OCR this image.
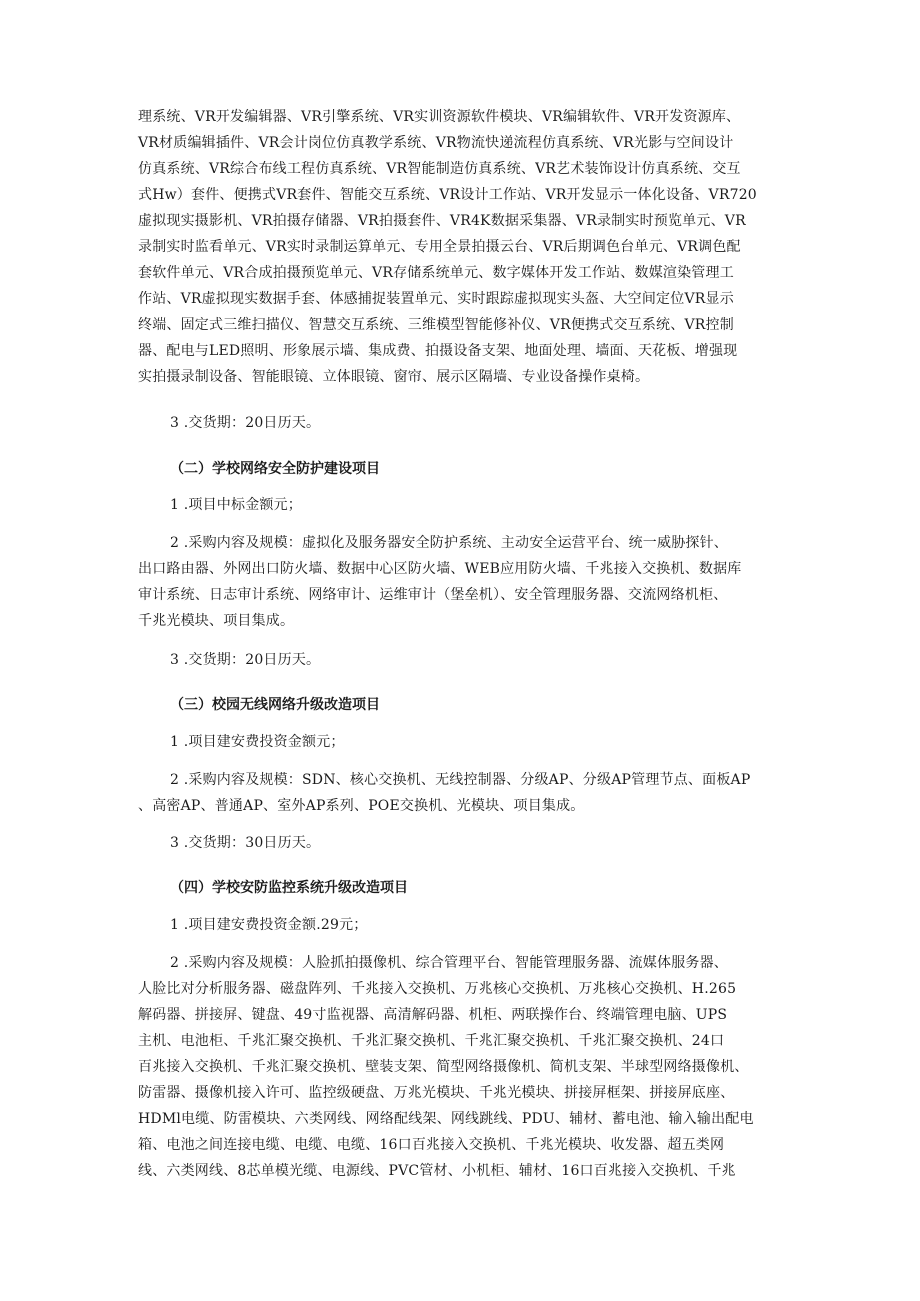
理系统、VR开发编辑器、VR引擎系统、VR实训资源软件模块、VR编辑软件、VR开发资源库、
VR材质编辑插件、VR会计岗位仿真教学系统、VR物流快递流程仿真系统、VR光影与空间设计
仿真系统、VR综合布线工程仿真系统、VR智能制造仿真系统、VR艺术装饰设计仿真系统、交互
式Hw）套件、便携式VR套件、智能交互系统、VR设计工作站、VR开发显示一体化设备、VR720
虚拟现实摄影机、VR拍摄存储器、VR拍摄套件、VR4K数据采集器、VR录制实时预览单元、VR
录制实时监看单元、VR实时录制运算单元、专用全景拍摄云台、VR后期调色台单元、VR调色配
套软件单元、VR合成拍摄预览单元、VR存储系统单元、数字媒体开发工作站、数媒渲染管理工
作站、VR虚拟现实数据手套、体感捕捉装置单元、实时跟踪虚拟现实头盔、大空间定位VR显示
终端、固定式三维扫描仪、智慧交互系统、三维模型智能修补仪、VR便携式交互系统、VR控制
器、配电与LED照明、形象展示墙、集成费、拍摄设备支架、地面处理、墙面、天花板、增强现
实拍摄录制设备、智能眼镜、立体眼镜、窗帘、展示区隔墙、专业设备操作桌椅。
3 .交货期：20日历天。
（二）学校网络安全防护建设项目
1 .项目中标金额元；
2 .采购内容及规模：虚拟化及服务器安全防护系统、主动安全运营平台、统一威胁探针、
出口路由器、外网出口防火墙、数据中心区防火墙、WEB应用防火墙、千兆接入交换机、数据库
审计系统、日志审计系统、网络审计、运维审计（堡垒机）、安全管理服务器、交流网络机柜、
千兆光模块、项目集成。
3 .交货期：20日历天。
（三）校园无线网络升级改造项目
1 .项目建安费投资金额元；
2 .采购内容及规模：SDN、核心交换机、无线控制器、分级AP、分级AP管理节点、面板AP
、高密AP、普通AP、室外AP系列、POE交换机、光模块、项目集成。
3 .交货期：30日历天。
（四）学校安防监控系统升级改造项目
1 .项目建安费投资金额.29元；
2 .采购内容及规模：人脸抓拍摄像机、综合管理平台、智能管理服务器、流媒体服务器、
人脸比对分析服务器、磁盘阵列、千兆接入交换机、万兆核心交换机、万兆核心交换机、H.265
解码器、拼接屏、键盘、49寸监视器、高清解码器、机柜、两联操作台、终端管理电脑、UPS
主机、电池柜、千兆汇聚交换机、千兆汇聚交换机、千兆汇聚交换机、千兆汇聚交换机、24口
百兆接入交换机、千兆汇聚交换机、壁装支架、简型网络摄像机、简机支架、半球型网络摄像机、
防雷器、摄像机接入许可、监控级硬盘、万兆光模块、千兆光模块、拼接屏框架、拼接屏底座、
HDMl电缆、防雷模块、六类网线、网络配线架、网线跳线、PDU、辅材、蓄电池、输入输出配电
箱、电池之间连接电缆、电缆、电缆、16口百兆接入交换机、千兆光模块、收发器、超五类网
线、六类网线、8芯单模光缆、电源线、PVC管材、小机柜、辅材、16口百兆接入交换机、千兆
